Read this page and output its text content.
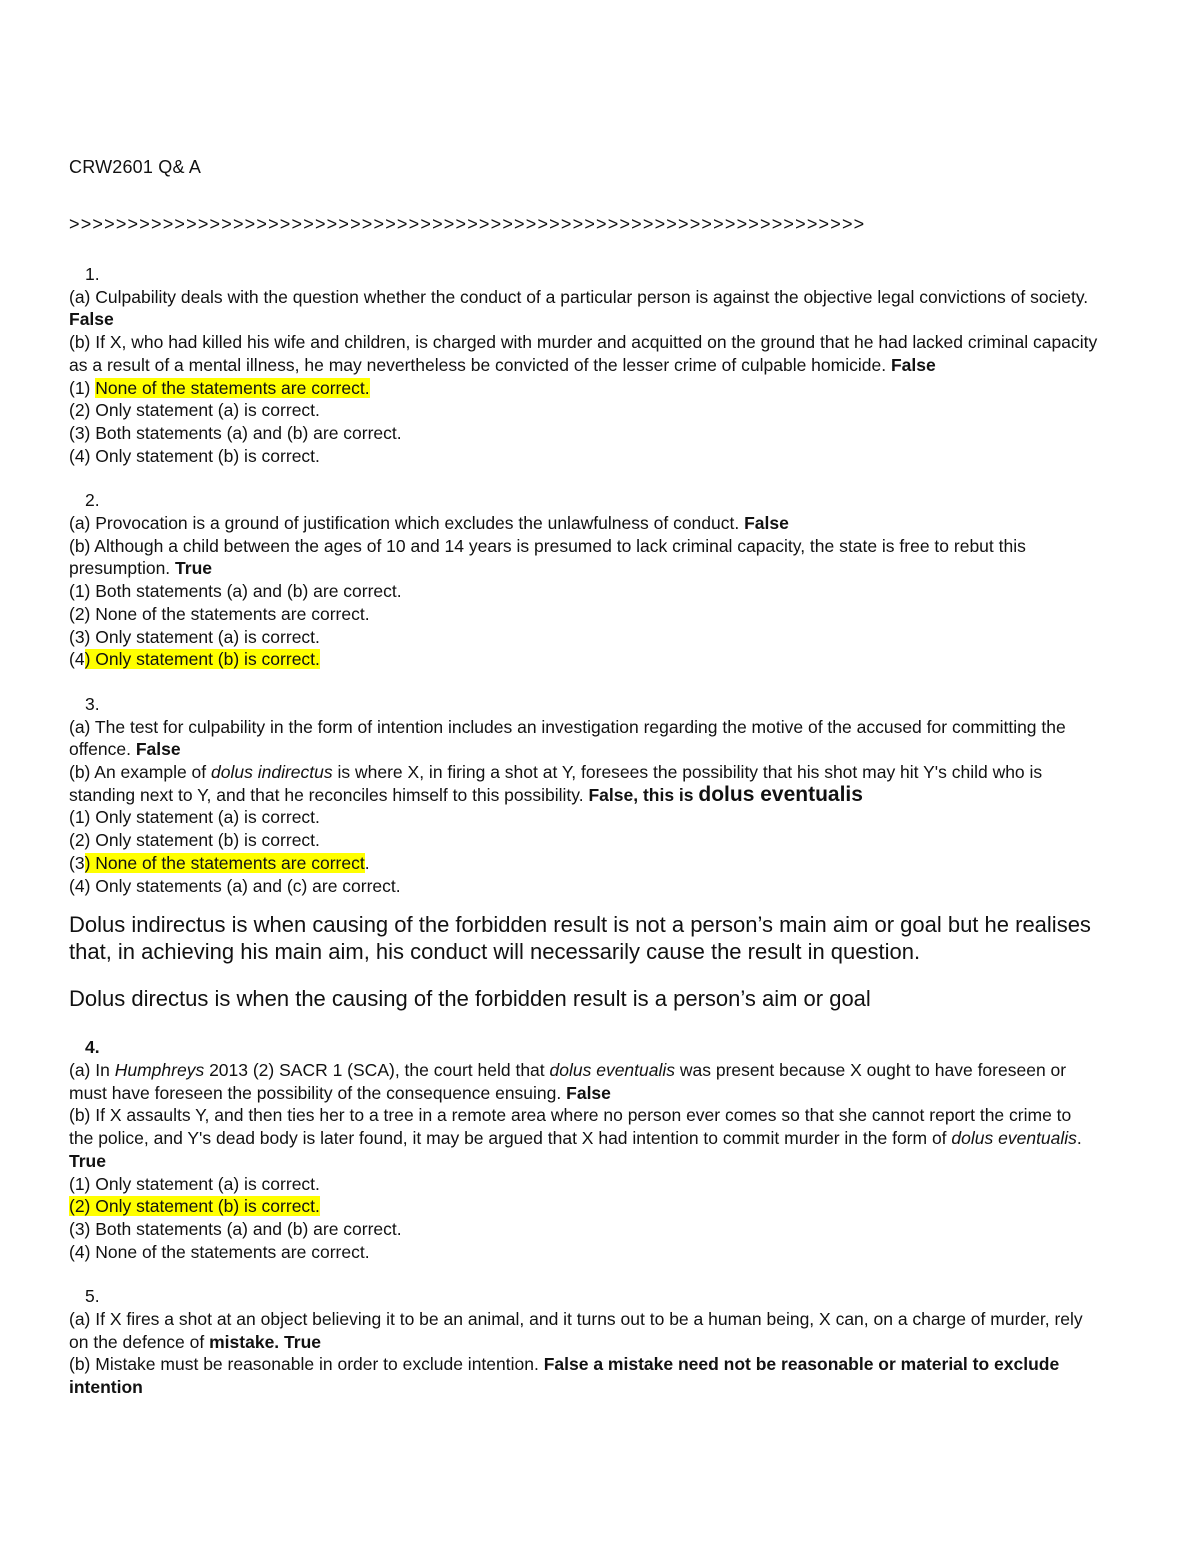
CRW2601 Q& A
>>>>>>>>>>>>>>>>>>>>>>>>>>>>>>>>>>>>>>>>>>>>>>>>>>>>>>>>>>>>>>>>>>>>
1.
(a) Culpability deals with the question whether the conduct of a particular person is against the objective legal convictions of society. False
(b) If X, who had killed his wife and children, is charged with murder and acquitted on the ground that he had lacked criminal capacity as a result of a mental illness, he may nevertheless be convicted of the lesser crime of culpable homicide. False
(1) None of the statements are correct.
(2) Only statement (a) is correct.
(3) Both statements (a) and (b) are correct.
(4) Only statement (b) is correct.
2.
(a) Provocation is a ground of justification which excludes the unlawfulness of conduct. False
(b) Although a child between the ages of 10 and 14 years is presumed to lack criminal capacity, the state is free to rebut this presumption. True
(1) Both statements (a) and (b) are correct.
(2) None of the statements are correct.
(3) Only statement (a) is correct.
(4) Only statement (b) is correct.
3.
(a) The test for culpability in the form of intention includes an investigation regarding the motive of the accused for committing the offence. False
(b) An example of dolus indirectus is where X, in firing a shot at Y, foresees the possibility that his shot may hit Y's child who is standing next to Y, and that he reconciles himself to this possibility. False, this is dolus eventualis
(1) Only statement (a) is correct.
(2) Only statement (b) is correct.
(3) None of the statements are correct.
(4) Only statements (a) and (c) are correct.
Dolus indirectus is when causing of the forbidden result is not a person’s main aim or goal but he realises that, in achieving his main aim, his conduct will necessarily cause the result in question.
Dolus directus is when the causing of the forbidden result is a person’s aim or goal
4.
(a) In Humphreys 2013 (2) SACR 1 (SCA), the court held that dolus eventualis was present because X ought to have foreseen or must have foreseen the possibility of the consequence ensuing. False
(b) If X assaults Y, and then ties her to a tree in a remote area where no person ever comes so that she cannot report the crime to the police, and Y's dead body is later found, it may be argued that X had intention to commit murder in the form of dolus eventualis. True
(1) Only statement (a) is correct.
(2) Only statement (b) is correct.
(3) Both statements (a) and (b) are correct.
(4) None of the statements are correct.
5.
(a) If X fires a shot at an object believing it to be an animal, and it turns out to be a human being, X can, on a charge of murder, rely on the defence of mistake. True
(b) Mistake must be reasonable in order to exclude intention. False a mistake need not be reasonable or material to exclude intention
